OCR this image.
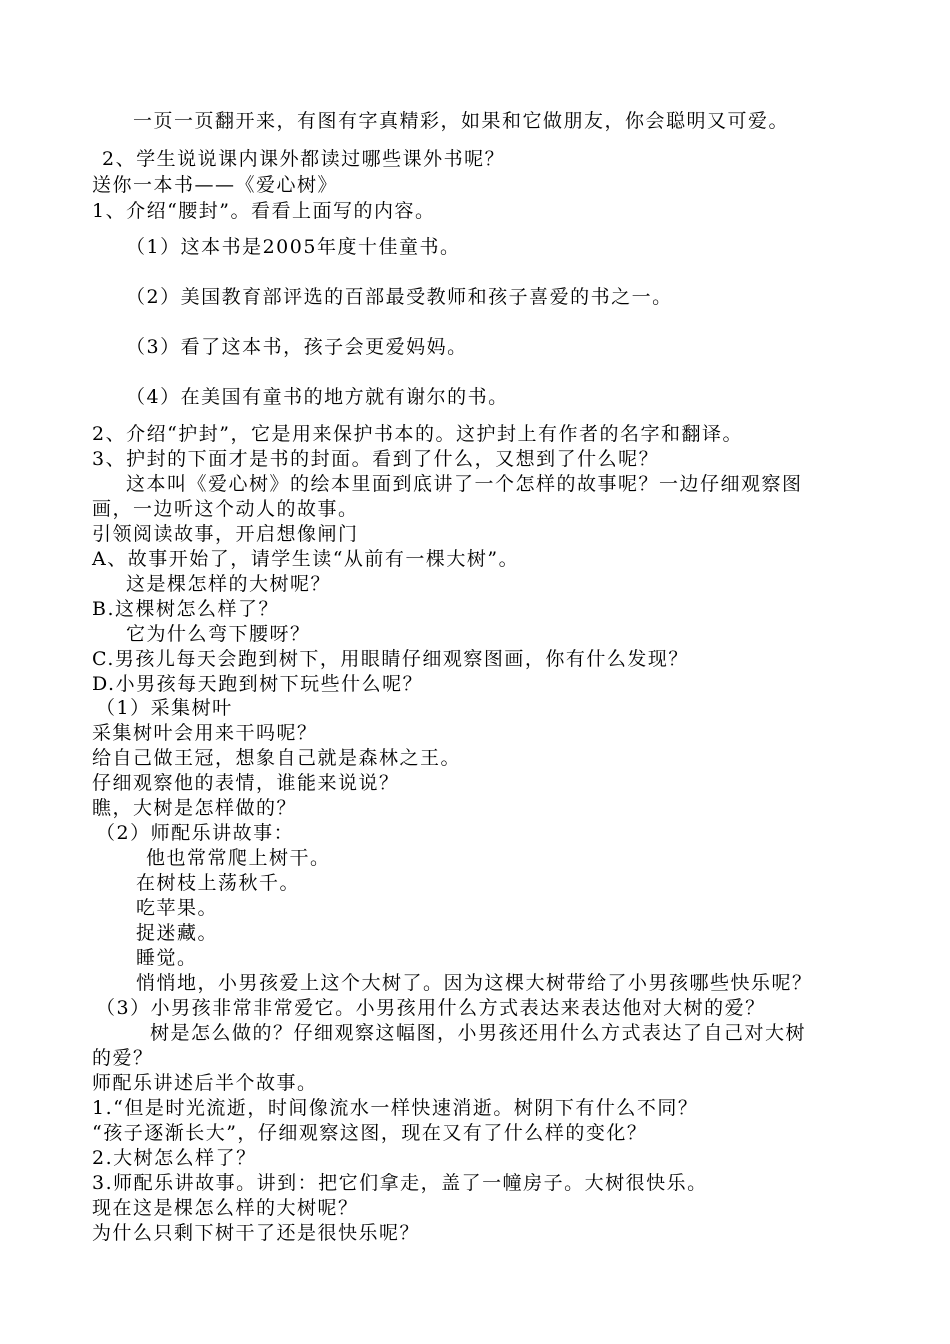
一页一页翻开来，有图有字真精彩，如果和它做朋友，你会聪明又可爱。
2、学生说说课内课外都读过哪些课外书呢？
送你一本书——《爱心树》
1、介绍“腰封”。看看上面写的内容。
（1）这本书是2005年度十佳童书。
（2）美国教育部评选的百部最受教师和孩子喜爱的书之一。
（3）看了这本书，孩子会更爱妈妈。
（4）在美国有童书的地方就有谢尔的书。
2、介绍“护封”，它是用来保护书本的。这护封上有作者的名字和翻译。
3、护封的下面才是书的封面。看到了什么，又想到了什么呢？
这本叫《爱心树》的绘本里面到底讲了一个怎样的故事呢？一边仔细观察图
画，一边听这个动人的故事。
引领阅读故事，开启想像闸门
A、故事开始了，请学生读“从前有一棵大树”。
这是棵怎样的大树呢？
B.这棵树怎么样了？
它为什么弯下腰呀？
C.男孩儿每天会跑到树下，用眼睛仔细观察图画，你有什么发现？
D.小男孩每天跑到树下玩些什么呢？
（1）采集树叶
采集树叶会用来干吗呢？
给自己做王冠，想象自己就是森林之王。
仔细观察他的表情，谁能来说说？
瞧，大树是怎样做的？
（2）师配乐讲故事：
他也常常爬上树干。
在树枝上荡秋千。
吃苹果。
捉迷藏。
睡觉。
悄悄地，小男孩爱上这个大树了。因为这棵大树带给了小男孩哪些快乐呢？
（3）小男孩非常非常爱它。小男孩用什么方式表达来表达他对大树的爱？
树是怎么做的？仔细观察这幅图，小男孩还用什么方式表达了自己对大树
的爱？
师配乐讲述后半个故事。
1.“但是时光流逝，时间像流水一样快速消逝。树阴下有什么不同？
“孩子逐渐长大”，仔细观察这图，现在又有了什么样的变化？
2.大树怎么样了？
3.师配乐讲故事。讲到：把它们拿走，盖了一幢房子。大树很快乐。
现在这是棵怎么样的大树呢？
为什么只剩下树干了还是很快乐呢？
